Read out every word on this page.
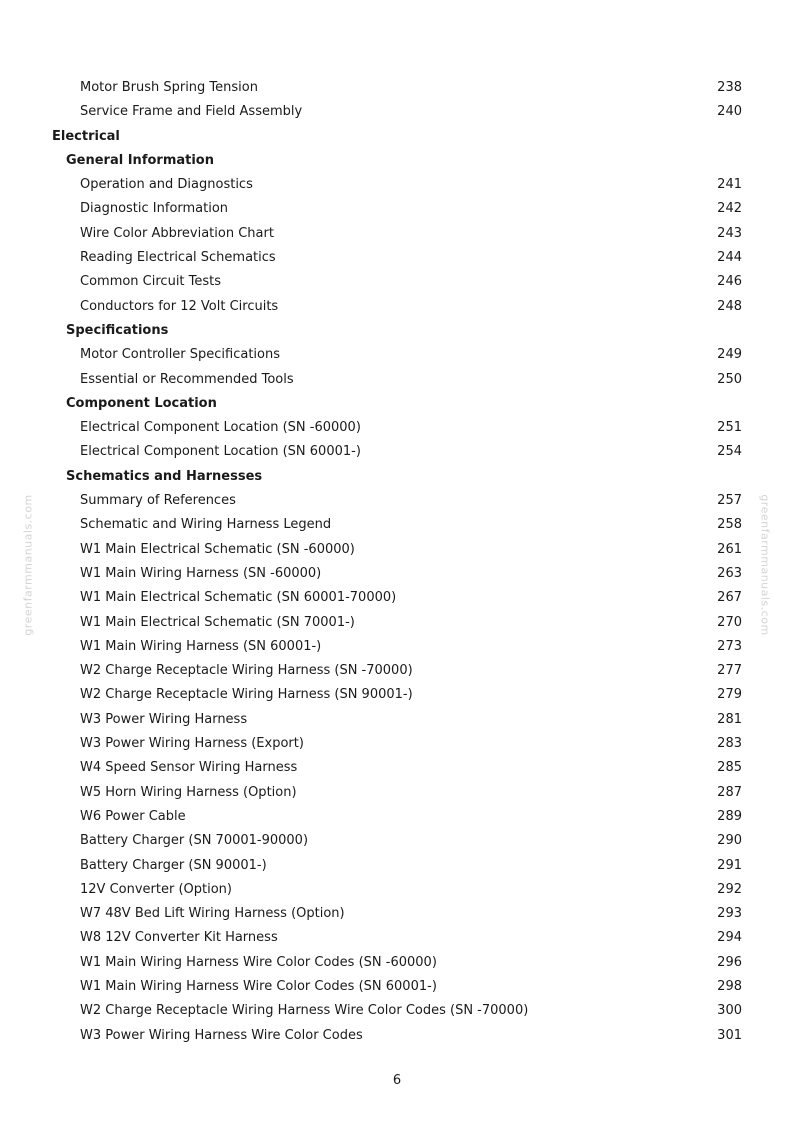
Motor Brush Spring Tension	238
Service Frame and Field Assembly	240
Electrical
General Information
Operation and Diagnostics	241
Diagnostic Information	242
Wire Color Abbreviation Chart	243
Reading Electrical Schematics	244
Common Circuit Tests	246
Conductors for 12 Volt Circuits	248
Specifications
Motor Controller Specifications	249
Essential or Recommended Tools	250
Component Location
Electrical Component Location (SN -60000)	251
Electrical Component Location (SN 60001-)	254
Schematics and Harnesses
Summary of References	257
Schematic and Wiring Harness Legend	258
W1 Main Electrical Schematic (SN -60000)	261
W1 Main Wiring Harness (SN -60000)	263
W1 Main Electrical Schematic (SN 60001-70000)	267
W1 Main Electrical Schematic (SN 70001-)	270
W1 Main Wiring Harness (SN 60001-)	273
W2 Charge Receptacle Wiring Harness (SN -70000)	277
W2 Charge Receptacle Wiring Harness (SN 90001-)	279
W3 Power Wiring Harness	281
W3 Power Wiring Harness (Export)	283
W4 Speed Sensor Wiring Harness	285
W5 Horn Wiring Harness (Option)	287
W6 Power Cable	289
Battery Charger (SN 70001-90000)	290
Battery Charger (SN 90001-)	291
12V Converter (Option)	292
W7 48V Bed Lift Wiring Harness (Option)	293
W8 12V Converter Kit Harness	294
W1 Main Wiring Harness Wire Color Codes (SN -60000)	296
W1 Main Wiring Harness Wire Color Codes (SN 60001-)	298
W2 Charge Receptacle Wiring Harness Wire Color Codes (SN -70000)	300
W3 Power Wiring Harness Wire Color Codes	301
greenfarmmanuals.com	greenfarmmanuals.com
6
